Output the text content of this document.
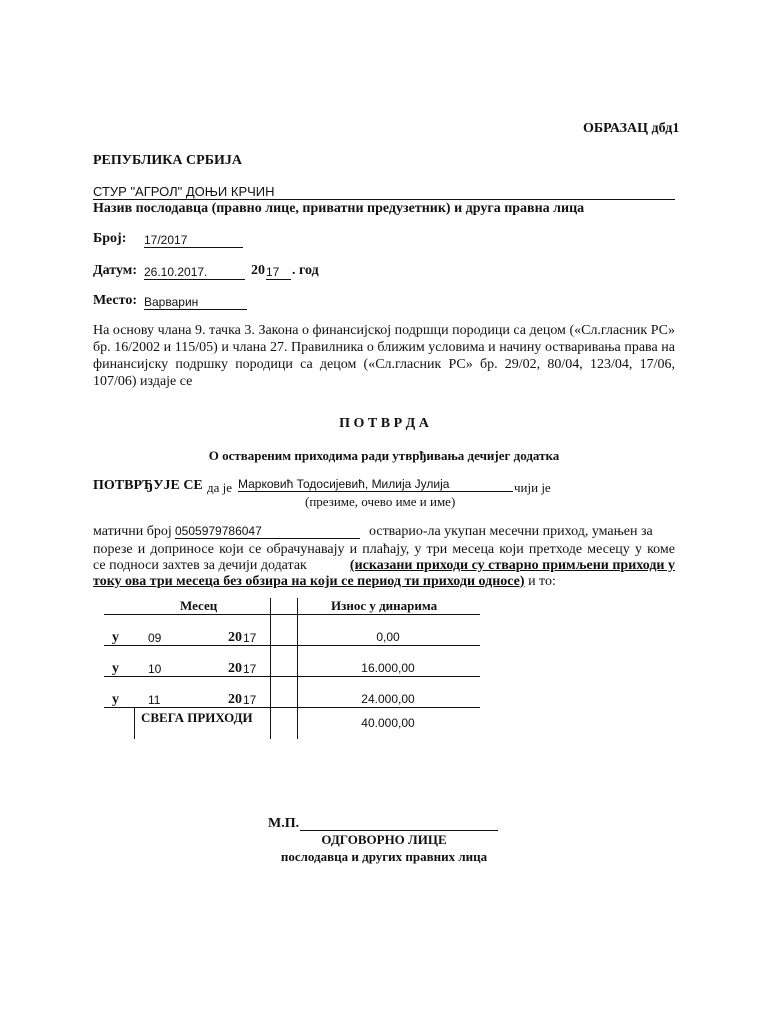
ОБРАЗАЦ дбд1
РЕПУБЛИКА СРБИЈА
СТУР "АГРОЛ" ДОЊИ КРЧИН
Назив послодавца (правно лице, приватни предузетник) и друга правна лица
Број: 17/2017
Датум: 26.10.2017.	20 17 . год
Место: Варварин
На основу члана 9. тачка 3. Закона о финансијској подршци породици са децом («Сл.гласник РС» бр. 16/2002 и 115/05) и члана 27. Правилника о ближим условима и начину остваривања права на финансијску подршку породици са децом («Сл.гласник РС» бр. 29/02, 80/04, 123/04, 17/06, 107/06) издаје се
П О Т В Р Д А
О оствареним приходима ради утврђивања дечијег додатка
ПОТВРЂУЈЕ СЕ да је Марковић Тодосијевић, Милија Јулија	чији је
(презиме, очево име и име)
матични број 0505979786047	остварио-ла укупан месечни приход, умањен за
порезе и доприносе који се обрачунавају и плаћају, у три месеца који претходе месецу у коме
се подноси захтев за дечији додатак	(исказани приходи су стварно примљени приходи у
току ова три месеца без обзира на који се период ти приходи односе) и то:
Месец	Износ у динарима
у 09	20 17	0,00
у 10	20 17	16.000,00
у 11	20 17	24.000,00
СВЕГА ПРИХОДИ	40.000,00
М.П.
ОДГОВОРНО ЛИЦЕ
послодавца и других правних лица
